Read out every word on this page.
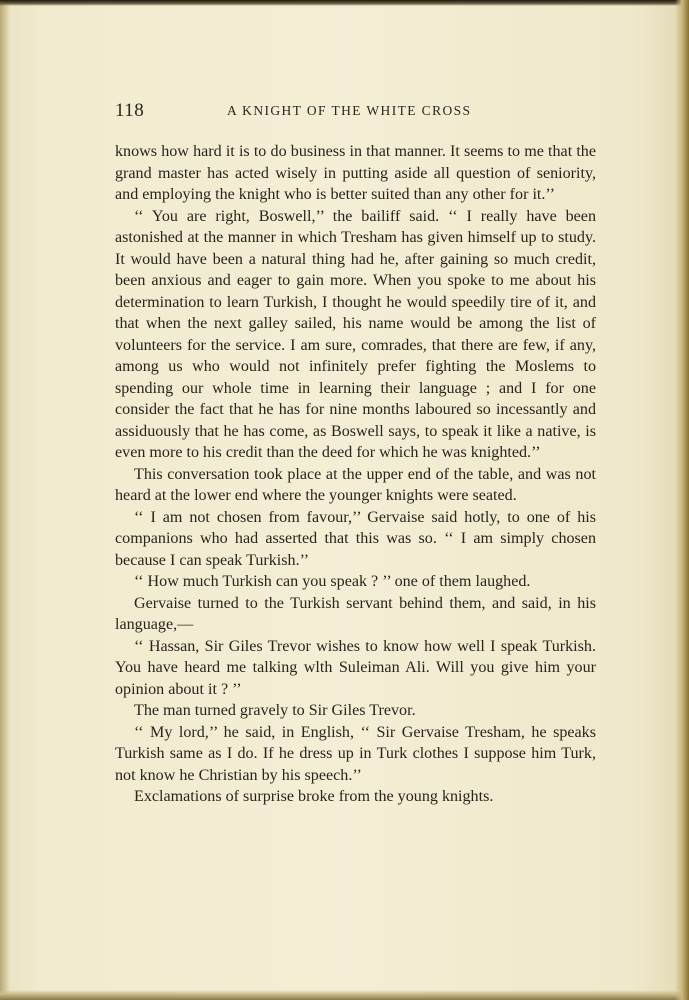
118	A KNIGHT OF THE WHITE CROSS

knows how hard it is to do business in that manner. It seems to me that the grand master has acted wisely in putting aside all question of seniority, and employing the knight who is better suited than any other for it.’’

‘‘ You are right, Boswell,’’ the bailiff said. ‘‘ I really have been astonished at the manner in which Tresham has given himself up to study. It would have been a natural thing had he, after gaining so much credit, been anxious and eager to gain more. When you spoke to me about his determination to learn Turkish, I thought he would speedily tire of it, and that when the next galley sailed, his name would be among the list of volunteers for the service. I am sure, comrades, that there are few, if any, among us who would not infinitely prefer fighting the Moslems to spending our whole time in learning their language ; and I for one consider the fact that he has for nine months laboured so incessantly and assiduously that he has come, as Boswell says, to speak it like a native, is even more to his credit than the deed for which he was knighted.’’

This conversation took place at the upper end of the table, and was not heard at the lower end where the younger knights were seated.

‘‘ I am not chosen from favour,’’ Gervaise said hotly, to one of his companions who had asserted that this was so. ‘‘ I am simply chosen because I can speak Turkish.’’

‘‘ How much Turkish can you speak ? ’’ one of them laughed.

Gervaise turned to the Turkish servant behind them, and said, in his language,—

‘‘ Hassan, Sir Giles Trevor wishes to know how well I speak Turkish. You have heard me talking wlth Suleiman Ali. Will you give him your opinion about it ? ’’

The man turned gravely to Sir Giles Trevor.

‘‘ My lord,’’ he said, in English, ‘‘ Sir Gervaise Tresham, he speaks Turkish same as I do. If he dress up in Turk clothes I suppose him Turk, not know he Christian by his speech.’’

Exclamations of surprise broke from the young knights.
